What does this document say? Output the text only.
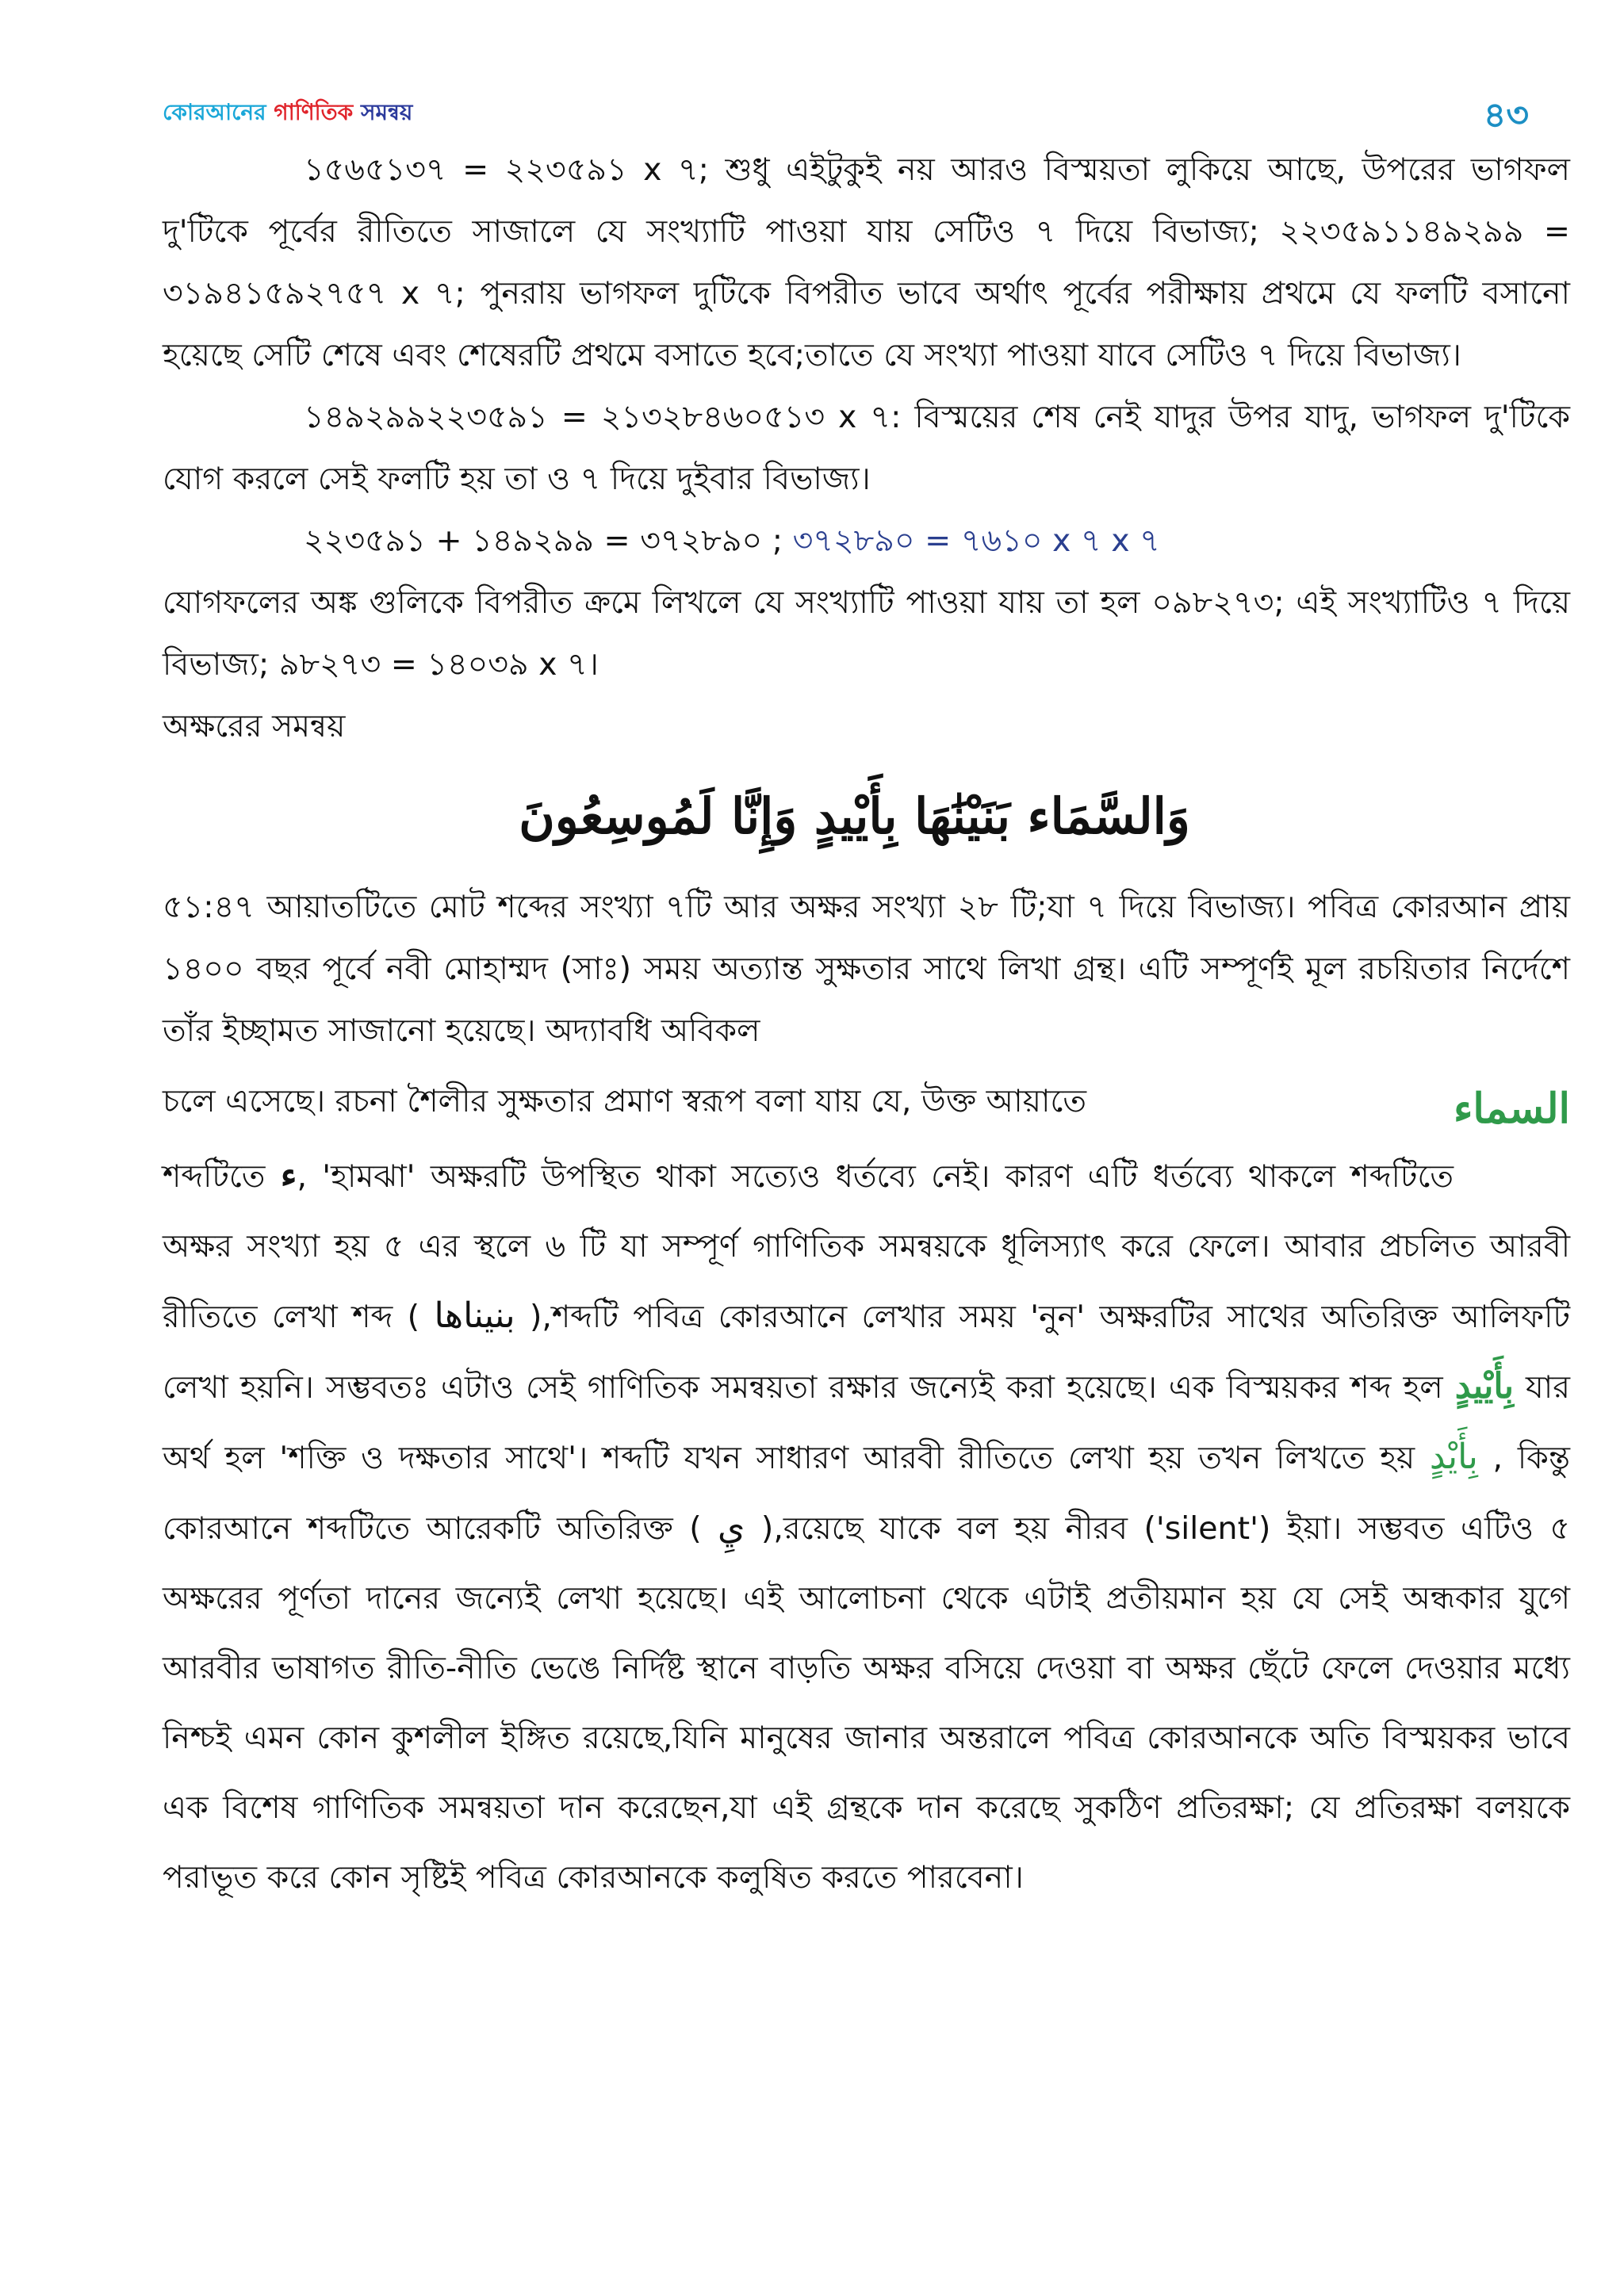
কোরআনের গাণিতিক সমন্বয়	৪৩

১৫৬৫১৩৭ = ২২৩৫৯১ x ৭; শুধু এইটুকুই নয় আরও বিস্ময়তা লুকিয়ে আছে, উপরের ভাগফল দু'টিকে পূর্বের রীতিতে সাজালে যে সংখ্যাটি পাওয়া যায় সেটিও ৭ দিয়ে বিভাজ্য; ২২৩৫৯১১৪৯২৯৯ = ৩১৯৪১৫৯২৭৫৭ x ৭; পুনরায় ভাগফল দুটিকে বিপরীত ভাবে অর্থাৎ পূর্বের পরীক্ষায় প্রথমে যে ফলটি বসানো হয়েছে সেটি শেষে এবং শেষেরটি প্রথমে বসাতে হবে;তাতে যে সংখ্যা পাওয়া যাবে সেটিও ৭ দিয়ে বিভাজ্য।

১৪৯২৯৯২২৩৫৯১ = ২১৩২৮৪৬০৫১৩ x ৭: বিস্ময়ের শেষ নেই যাদুর উপর যাদু, ভাগফল দু'টিকে যোগ করলে সেই ফলটি হয় তা ও ৭ দিয়ে দুইবার বিভাজ্য।

২২৩৫৯১ + ১৪৯২৯৯ = ৩৭২৮৯০ ; ৩৭২৮৯০ = ৭৬১০ x ৭ x ৭

যোগফলের অঙ্ক গুলিকে বিপরীত ক্রমে লিখলে যে সংখ্যাটি পাওয়া যায় তা হল ০৯৮২৭৩; এই সংখ্যাটিও ৭ দিয়ে বিভাজ্য; ৯৮২৭৩ = ১৪০৩৯ x ৭।

অক্ষরের সমন্বয়
وَالسَّمَاء بَنَيْنَٰهَا بِأَيْيدٍ وَإِنَّا لَمُوسِعُونَ

৫১:৪৭ আয়াতটিতে মোট শব্দের সংখ্যা ৭টি আর অক্ষর সংখ্যা ২৮ টি;যা ৭ দিয়ে বিভাজ্য। পবিত্র কোরআন প্রায় ১৪০০ বছর পূর্বে নবী মোহাম্মদ (সাঃ) সময় অত্যান্ত সুক্ষতার সাথে লিখা গ্রন্থ। এটি সম্পূর্ণই মূল রচয়িতার নির্দেশে তাঁর ইচ্ছামত সাজানো হয়েছে। অদ্যাবধি অবিকল

চলে এসেছে। রচনা শৈলীর সুক্ষতার প্রমাণ স্বরূপ বলা যায় যে, উক্ত আয়াতে	السماء

শব্দটিতে ء, 'হামঝা' অক্ষরটি উপস্থিত থাকা সত্যেও ধর্তব্যে নেই। কারণ এটি ধর্তব্যে থাকলে শব্দটিতে অক্ষর সংখ্যা হয় ৫ এর স্থলে ৬ টি যা সম্পূর্ণ গাণিতিক সমন্বয়কে ধূলিস্যাৎ করে ফেলে। আবার প্রচলিত আরবী রীতিতে লেখা শব্দ ( بنيناها ),শব্দটি পবিত্র কোরআনে লেখার সময় 'নুন' অক্ষরটির সাথের অতিরিক্ত আলিফটি লেখা হয়নি। সম্ভবতঃ এটাও সেই গাণিতিক সমন্বয়তা রক্ষার জন্যেই করা হয়েছে। এক বিস্ময়কর শব্দ হল بِأَيْيدٍ যার অর্থ হল 'শক্তি ও দক্ষতার সাথে'। শব্দটি যখন সাধারণ আরবী রীতিতে লেখা হয় তখন লিখতে হয় بِأَيْدٍ , কিন্তু কোরআনে শব্দটিতে আরেকটি অতিরিক্ত ( يِ ),রয়েছে যাকে বল হয় নীরব ('silent') ইয়া। সম্ভবত এটিও ৫ অক্ষরের পূর্ণতা দানের জন্যেই লেখা হয়েছে। এই আলোচনা থেকে এটাই প্রতীয়মান হয় যে সেই অন্ধকার যুগে আরবীর ভাষাগত রীতি-নীতি ভেঙে নির্দিষ্ট স্থানে বাড়তি অক্ষর বসিয়ে দেওয়া বা অক্ষর ছেঁটে ফেলে দেওয়ার মধ্যে নিশ্চই এমন কোন কুশলীল ইঙ্গিত রয়েছে,যিনি মানুষের জানার অন্তরালে পবিত্র কোরআনকে অতি বিস্ময়কর ভাবে এক বিশেষ গাণিতিক সমন্বয়তা দান করেছেন,যা এই গ্রন্থকে দান করেছে সুকঠিণ প্রতিরক্ষা; যে প্রতিরক্ষা বলয়কে পরাভূত করে কোন সৃষ্টিই পবিত্র কোরআনকে কলুষিত করতে পারবেনা।
